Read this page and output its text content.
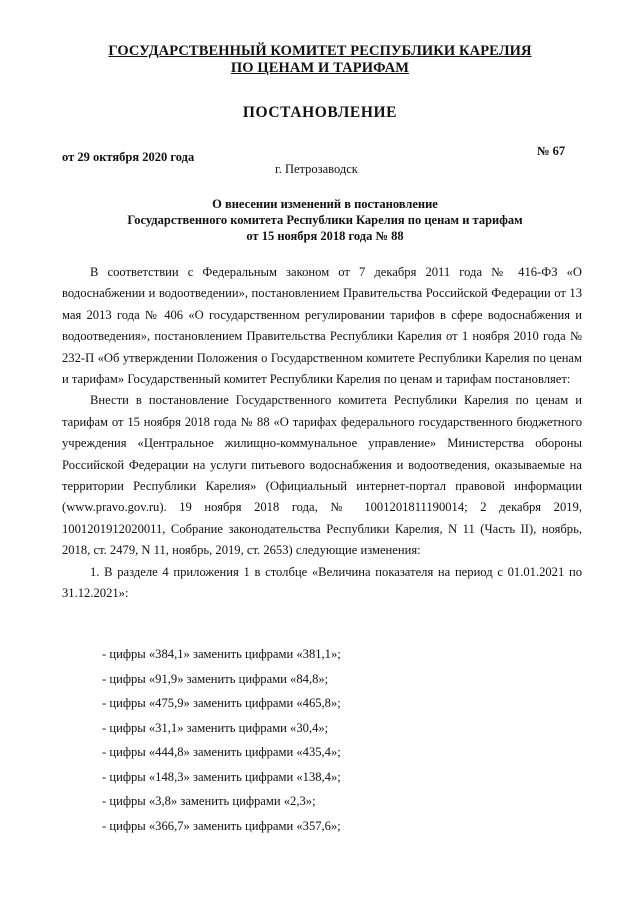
ГОСУДАРСТВЕННЫЙ КОМИТЕТ РЕСПУБЛИКИ КАРЕЛИЯ
ПО ЦЕНАМ И ТАРИФАМ
ПОСТАНОВЛЕНИЕ
от 29 октября 2020 года	№ 67
г. Петрозаводск
О внесении изменений в постановление
Государственного комитета Республики Карелия по ценам и тарифам
от 15 ноября 2018 года № 88

В соответствии с Федеральным законом от 7 декабря 2011 года № 416-ФЗ «О водоснабжении и водоотведении», постановлением Правительства Российской Федерации от 13 мая 2013 года № 406 «О государственном регулировании тарифов в сфере водоснабжения и водоотведения», постановлением Правительства Республики Карелия от 1 ноября 2010 года № 232-П «Об утверждении Положения о Государственном комитете Республики Карелия по ценам и тарифам» Государственный комитет Республики Карелия по ценам и тарифам постановляет:

Внести в постановление Государственного комитета Республики Карелия по ценам и тарифам от 15 ноября 2018 года № 88 «О тарифах федерального государственного бюджетного учреждения «Центральное жилищно-коммунальное управление» Министерства обороны Российской Федерации на услуги питьевого водоснабжения и водоотведения, оказываемые на территории Республики Карелия» (Официальный интернет-портал правовой информации (www.pravo.gov.ru). 19 ноября 2018 года, № 1001201811190014; 2 декабря 2019, 1001201912020011, Собрание законодательства Республики Карелия, N 11 (Часть II), ноябрь, 2018, ст. 2479, N 11, ноябрь, 2019, ст. 2653) следующие изменения:

1. В разделе 4 приложения 1 в столбце «Величина показателя на период с 01.01.2021 по 31.12.2021»:

- цифры «384,1» заменить цифрами «381,1»;
- цифры «91,9» заменить цифрами «84,8»;
- цифры «475,9» заменить цифрами «465,8»;
- цифры «31,1» заменить цифрами «30,4»;
- цифры «444,8» заменить цифрами «435,4»;
- цифры «148,3» заменить цифрами «138,4»;
- цифры «3,8» заменить цифрами «2,3»;
- цифры «366,7» заменить цифрами «357,6»;
